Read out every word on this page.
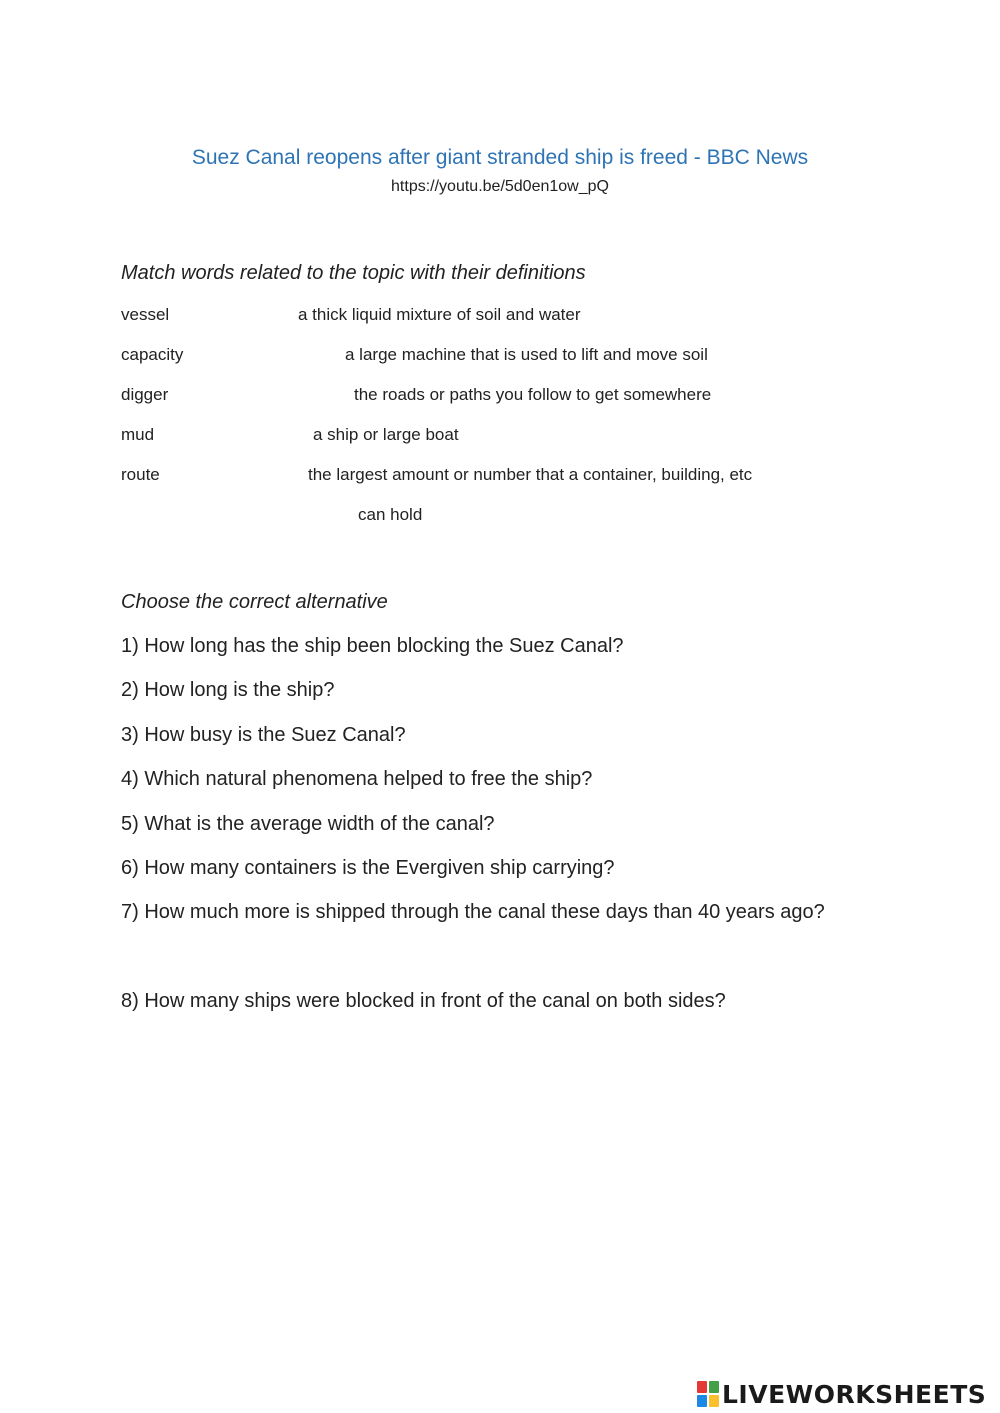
Suez Canal reopens after giant stranded ship is freed - BBC News
https://youtu.be/5d0en1ow_pQ
Match words related to the topic with their definitions
vessel	a thick liquid mixture of soil and water
capacity	a large machine that is used to lift and move soil
digger	the roads or paths you follow to get somewhere
mud	a ship or large boat
route	the largest amount or number that a container, building, etc
can hold
Choose the correct alternative
1) How long has the ship been blocking the Suez Canal?
2) How long is the ship?
3) How busy is the Suez Canal?
4) Which natural phenomena helped to free the ship?
5) What is the average width of the canal?
6) How many containers is the Evergiven ship carrying?
7) How much more is shipped through the canal these days than 40 years ago?
8) How many ships were blocked in front of the canal on both sides?
LIVEWORKSHEETS
